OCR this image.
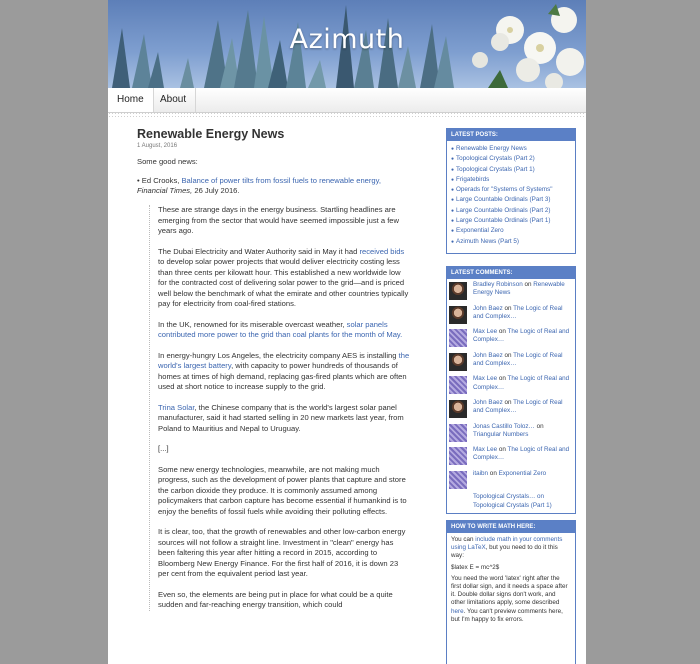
Azimuth
Home	About
Renewable Energy News
1 August, 2016

Some good news:

• Ed Crooks, Balance of power tilts from fossil fuels to renewable energy,
Financial Times, 26 July 2016.

These are strange days in the energy business. Startling headlines are emerging from the sector that would have seemed impossible just a few years ago.

The Dubai Electricity and Water Authority said in May it had received bids to develop solar power projects that would deliver electricity costing less than three cents per kilowatt hour. This established a new worldwide low for the contracted cost of delivering solar power to the grid—and is priced well below the benchmark of what the emirate and other countries typically pay for electricity from coal-fired stations.

In the UK, renowned for its miserable overcast weather, solar panels contributed more power to the grid than coal plants for the month of May.

In energy-hungry Los Angeles, the electricity company AES is installing the world's largest battery, with capacity to power hundreds of thousands of homes at times of high demand, replacing gas-fired plants which are often used at short notice to increase supply to the grid.

Trina Solar, the Chinese company that is the world's largest solar panel manufacturer, said it had started selling in 20 new markets last year, from Poland to Mauritius and Nepal to Uruguay.

[...]

Some new energy technologies, meanwhile, are not making much progress, such as the development of power plants that capture and store the carbon dioxide they produce. It is commonly assumed among policymakers that carbon capture has become essential if humankind is to enjoy the benefits of fossil fuels while avoiding their polluting effects.

It is clear, too, that the growth of renewables and other low-carbon energy sources will not follow a straight line. Investment in "clean" energy has been faltering this year after hitting a record in 2015, according to Bloomberg New Energy Finance. For the first half of 2016, it is down 23 per cent from the equivalent period last year.

Even so, the elements are being put in place for what could be a quite sudden and far-reaching energy transition, which could

LATEST POSTS:
● Renewable Energy News
● Topological Crystals (Part 2)
● Topological Crystals (Part 1)
● Frigatebirds
● Operads for "Systems of Systems"
● Large Countable Ordinals (Part 3)
● Large Countable Ordinals (Part 2)
● Large Countable Ordinals (Part 1)
● Exponential Zero
● Azimuth News (Part 5)
LATEST COMMENTS:
Bradley Robinson on Renewable Energy News
John Baez on The Logic of Real and Complex…
Max Lee on The Logic of Real and Complex…
John Baez on The Logic of Real and Complex…
Max Lee on The Logic of Real and Complex…
John Baez on The Logic of Real and Complex…
Jonas Castillo Toloz… on Triangular Numbers
Max Lee on The Logic of Real and Complex…
itaibn on Exponential Zero
Topological Crystals… on Topological Crystals (Part 1)
HOW TO WRITE MATH HERE:

You can include math in your comments using LaTeX, but you need to do it this way:

$latex E = mc^2$

You need the word 'latex' right after the first dollar sign, and it needs a space after it. Double dollar signs don't work, and other limitations apply, some described here. You can't preview comments here, but I'm happy to fix errors.
